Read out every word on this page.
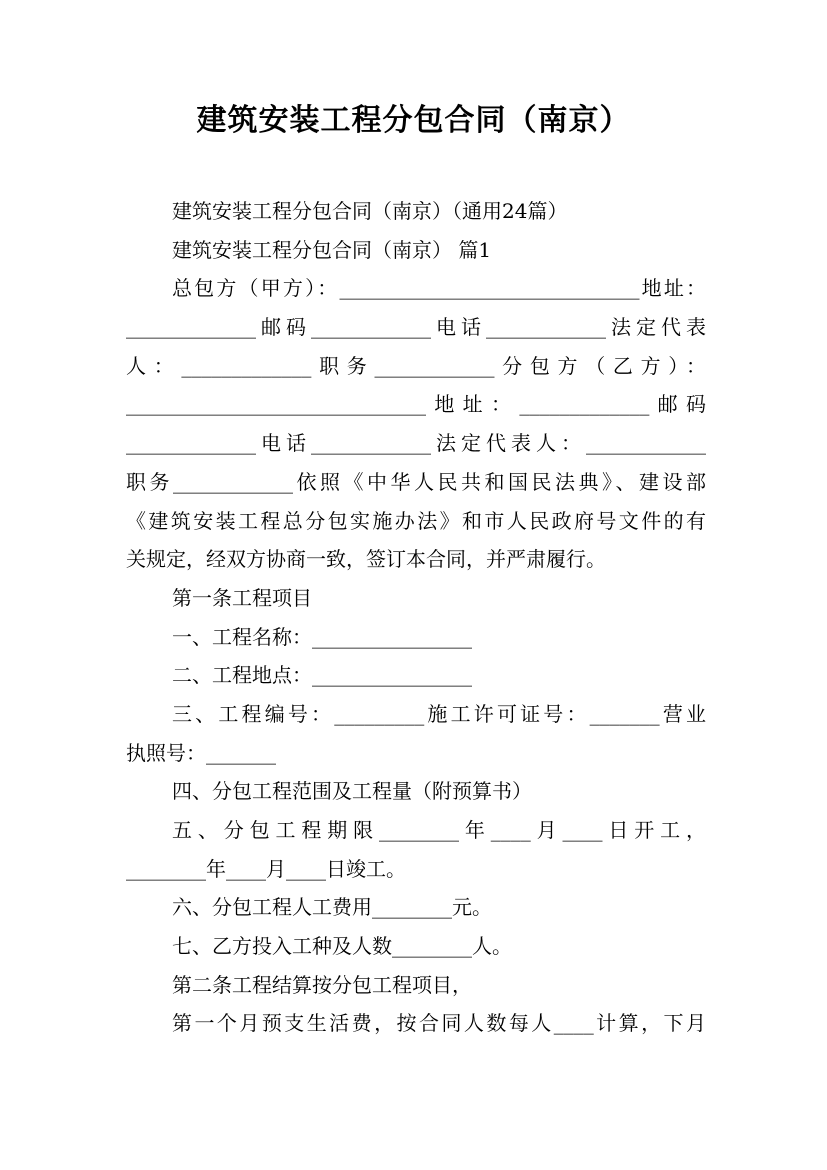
建筑安装工程分包合同（南京）
建筑安装工程分包合同（南京）（通用24篇）
建筑安装工程分包合同（南京） 篇1
总包方（甲方）：______________________________地址：
_____________邮码____________电话____________法定代表
人：_____________职务____________分包方（乙方）：
______________________________地址：_____________邮码
_____________电话____________法定代表人：____________
职务____________依照《中华人民共和国民法典》、建设部
《建筑安装工程总分包实施办法》和市人民政府号文件的有
关规定，经双方协商一致，签订本合同，并严肃履行。
第一条工程项目
一、工程名称：________________
二、工程地点：________________
三、工程编号：_________施工许可证号：_______营业
执照号：_______
四、分包工程范围及工程量（附预算书）
五、分包工程期限________年____月____日开工，
________年____月____日竣工。
六、分包工程人工费用________元。
七、乙方投入工种及人数________人。
第二条工程结算按分包工程项目，
第一个月预支生活费，按合同人数每人____计算，下月
